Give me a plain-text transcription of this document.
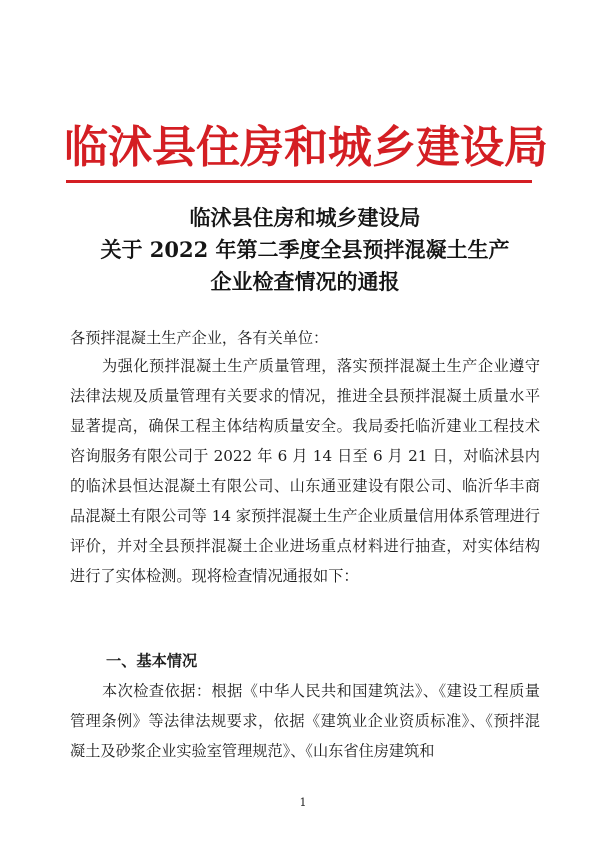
临沭县住房和城乡建设局
临沭县住房和城乡建设局
关于 2022 年第二季度全县预拌混凝土生产
企业检查情况的通报
各预拌混凝土生产企业，各有关单位：
为强化预拌混凝土生产质量管理，落实预拌混凝土生产企业遵守法律法规及质量管理有关要求的情况，推进全县预拌混凝土质量水平显著提高，确保工程主体结构质量安全。我局委托临沂建业工程技术咨询服务有限公司于 2022 年 6 月 14 日至 6 月 21 日，对临沭县内的临沭县恒达混凝土有限公司、山东通亚建设有限公司、临沂华丰商品混凝土有限公司等 14 家预拌混凝土生产企业质量信用体系管理进行评价，并对全县预拌混凝土企业进场重点材料进行抽查，对实体结构进行了实体检测。现将检查情况通报如下：
一、基本情况
本次检查依据：根据《中华人民共和国建筑法》、《建设工程质量管理条例》等法律法规要求，依据《建筑业企业资质标准》、《预拌混凝土及砂浆企业实验室管理规范》、《山东省住房建筑和
1
